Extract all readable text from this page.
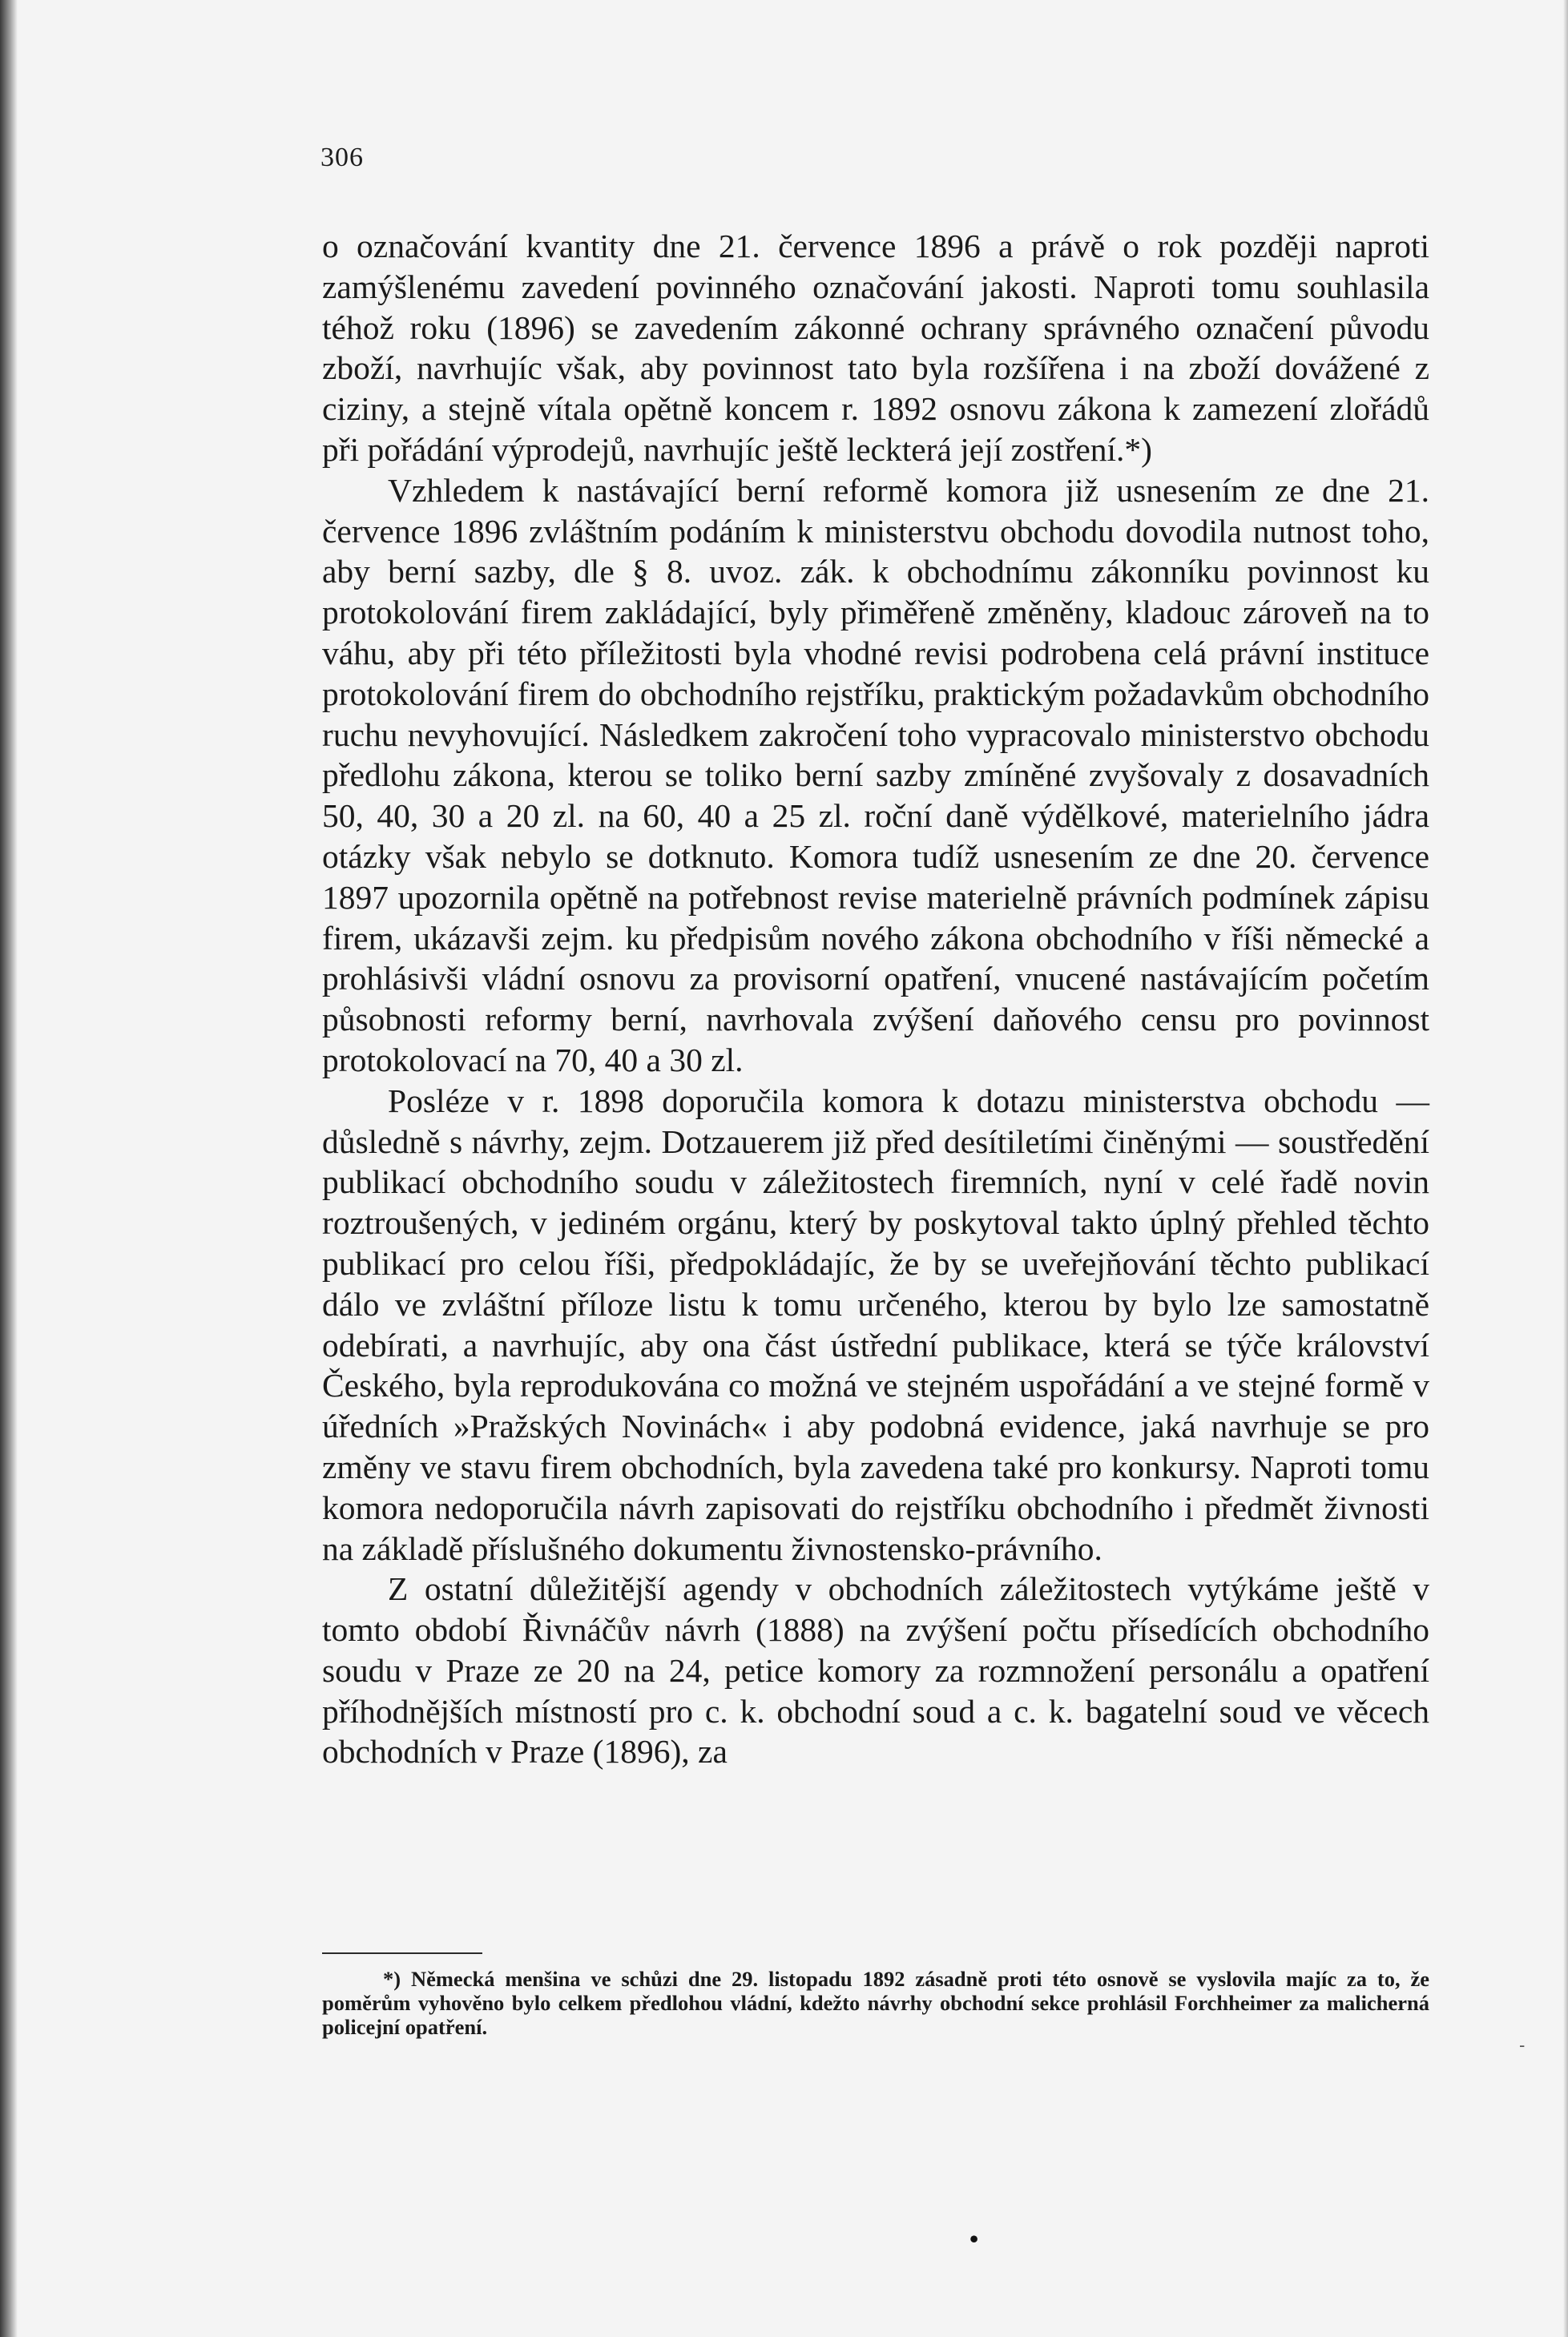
306

o označování kvantity dne 21. července 1896 a právě o rok později naproti zamýšlenému zavedení povinného označování jakosti. Naproti tomu souhlasila téhož roku (1896) se zavedením zákonné ochrany správného označení původu zboží, navrhujíc však, aby povinnost tato byla rozšířena i na zboží dovážené z ciziny, a stejně vítala opětně koncem r. 1892 osnovu zákona k zamezení zlořádů při pořádání výprodejů, navrhujíc ještě leckterá její zostření.*)

Vzhledem k nastávající berní reformě komora již usnesením ze dne 21. července 1896 zvláštním podáním k ministerstvu obchodu dovodila nutnost toho, aby berní sazby, dle § 8. uvoz. zák. k obchodnímu zákonníku povinnost ku protokolování firem zakládající, byly přiměřeně změněny, kladouc zároveň na to váhu, aby při této příležitosti byla vhodné revisi podrobena celá právní instituce protokolování firem do obchodního rejstříku, praktickým požadavkům obchodního ruchu nevyhovující. Následkem zakročení toho vypracovalo ministerstvo obchodu předlohu zákona, kterou se toliko berní sazby zmíněné zvyšovaly z dosavadních 50, 40, 30 a 20 zl. na 60, 40 a 25 zl. roční daně výdělkové, materielního jádra otázky však nebylo se dotknuto. Komora tudíž usnesením ze dne 20. července 1897 upozornila opětně na potřebnost revise materielně právních podmínek zápisu firem, ukázavši zejm. ku předpisům nového zákona obchodního v říši německé a prohlásivši vládní osnovu za provisorní opatření, vnucené nastávajícím početím působnosti reformy berní, navrhovala zvýšení daňového censu pro povinnost protokolovací na 70, 40 a 30 zl.

Posléze v r. 1898 doporučila komora k dotazu ministerstva obchodu — důsledně s návrhy, zejm. Dotzauerem již před desítiletími činěnými — soustředění publikací obchodního soudu v záležitostech firemních, nyní v celé řadě novin roztroušených, v jediném orgánu, který by poskytoval takto úplný přehled těchto publikací pro celou říši, předpokládajíc, že by se uveřejňování těchto publikací dálo ve zvláštní příloze listu k tomu určeného, kterou by bylo lze samostatně odebírati, a navrhujíc, aby ona část ústřední publikace, která se týče království Českého, byla reprodukována co možná ve stejném uspořádání a ve stejné formě v úředních »Pražských Novinách« i aby podobná evidence, jaká navrhuje se pro změny ve stavu firem obchodních, byla zavedena také pro konkursy. Naproti tomu komora nedoporučila návrh zapisovati do rejstříku obchodního i předmět živnosti na základě příslušného dokumentu živnostensko-právního.

Z ostatní důležitější agendy v obchodních záležitostech vytýkáme ještě v tomto období Řivnáčův návrh (1888) na zvýšení počtu přísedících obchodního soudu v Praze ze 20 na 24, petice komory za rozmnožení personálu a opatření příhodnějších místností pro c. k. obchodní soud a c. k. bagatelní soud ve věcech obchodních v Praze (1896), za

*) Německá menšina ve schůzi dne 29. listopadu 1892 zásadně proti této osnově se vyslovila majíc za to, že poměrům vyhověno bylo celkem předlohou vládní, kdežto návrhy obchodní sekce prohlásil Forchheimer za malicherná policejní opatření.

-
•
